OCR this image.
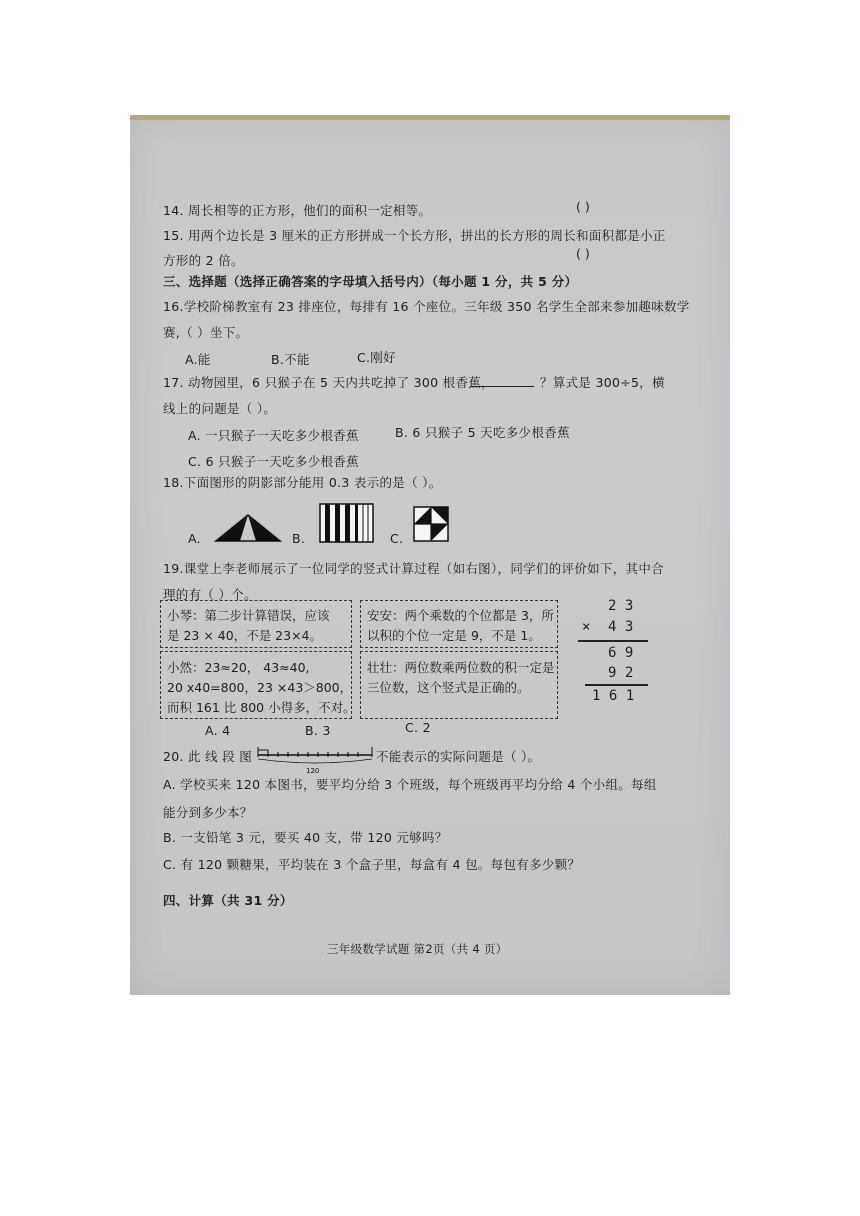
14. 周长相等的正方形，他们的面积一定相等。	( )
15. 用两个边长是 3 厘米的正方形拼成一个长方形，拼出的长方形的周长和面积都是小正
方形的 2 倍。	( )
三、选择题（选择正确答案的字母填入括号内）（每小题 1 分，共 5 分）
16.学校阶梯教室有 23 排座位，每排有 16 个座位。三年级 350 名学生全部来参加趣味数学
赛,（ ）坐下。
A.能	B.不能	C.刚好
17. 动物园里，6 只猴子在 5 天内共吃掉了 300 根香蕉，	？算式是 300÷5，横
线上的问题是（ ）。
A. 一只猴子一天吃多少根香蕉	B. 6 只猴子 5 天吃多少根香蕉
C. 6 只猴子一天吃多少根香蕉
18.下面图形的阴影部分能用 0.3 表示的是（ ）。
A.	B.	C.
19.课堂上李老师展示了一位同学的竖式计算过程（如右图），同学们的评价如下，其中合
理的有（ ）个。
小琴：第二步计算错误，应该
是 23 × 40，不是 23×4。
安安：两个乘数的个位都是 3，所
以积的个位一定是 9，不是 1。
小然：23≈20， 43≈40,
20 x40=800，23 ×43＞800，
而积 161 比 800 小得多，不对。
壮壮：两位数乘两位数的积一定是
三位数，这个竖式是正确的。
2 3
× 4 3
6 9
9 2
1 6 1
A. 4	B. 3	C. 2
20. 此 线 段 图
120
不能表示的实际问题是（ ）。
A. 学校买来 120 本图书，要平均分给 3 个班级，每个班级再平均分给 4 个小组。每组
能分到多少本？
B. 一支铅笔 3 元，要买 40 支，带 120 元够吗？
C. 有 120 颗糖果，平均装在 3 个盒子里，每盒有 4 包。每包有多少颗？
四、计算（共 31 分）
三年级数学试题 第2页（共 4 页）
